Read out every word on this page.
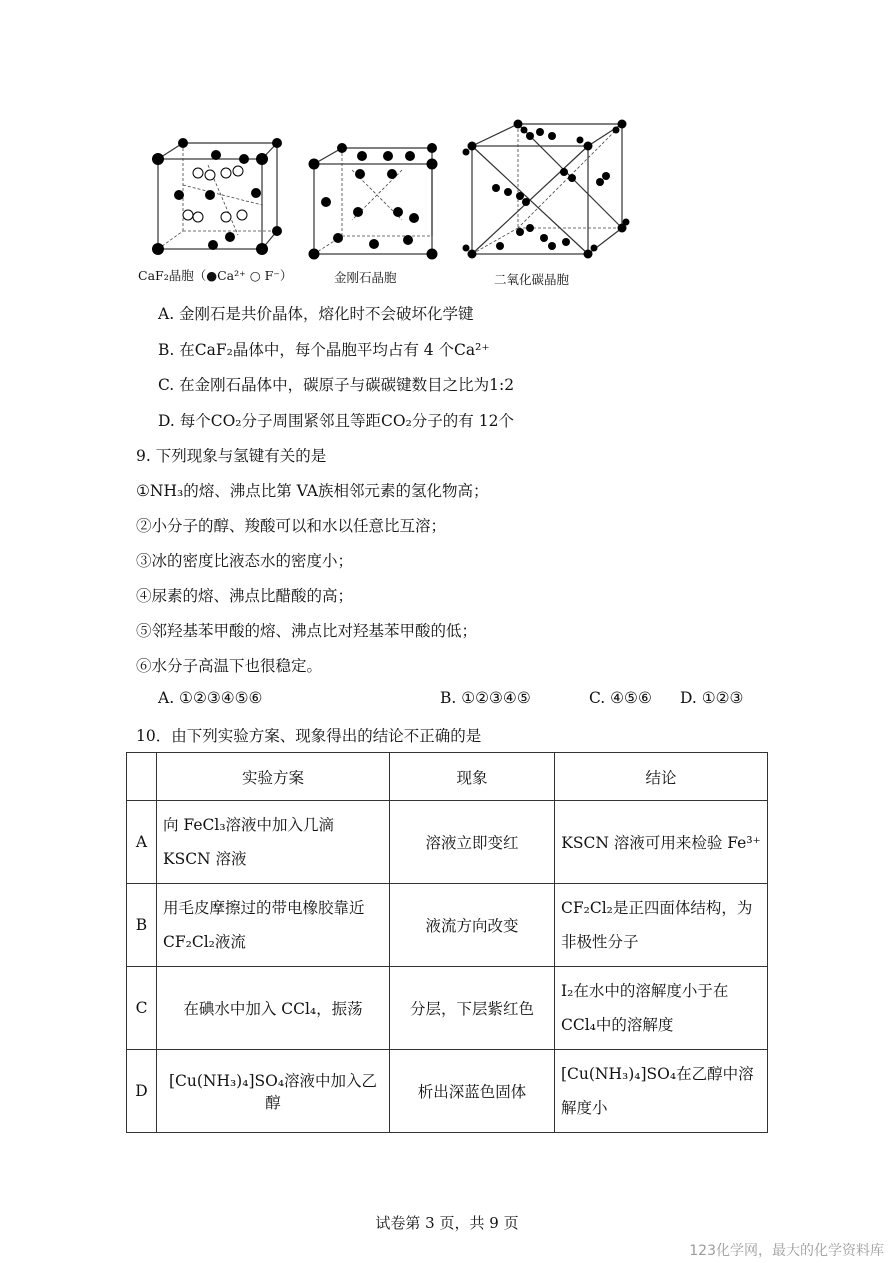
CaF₂晶胞（●Ca²⁺ ○ F⁻）	金刚石晶胞	二氧化碳晶胞
A. 金刚石是共价晶体，熔化时不会破坏化学键
B. 在CaF₂晶体中，每个晶胞平均占有 4 个Ca²⁺
C. 在金刚石晶体中，碳原子与碳碳键数目之比为1:2
D. 每个CO₂分子周围紧邻且等距CO₂分子的有 12个
9. 下列现象与氢键有关的是
①NH₃的熔、沸点比第 VA族相邻元素的氢化物高；
②小分子的醇、羧酸可以和水以任意比互溶；
③冰的密度比液态水的密度小；
④尿素的熔、沸点比醋酸的高；
⑤邻羟基苯甲酸的熔、沸点比对羟基苯甲酸的低；
⑥水分子高温下也很稳定。
A. ①②③④⑤⑥	B. ①②③④⑤	C. ④⑤⑥ D. ①②③
10．由下列实验方案、现象得出的结论不正确的是
	实验方案	现象	结论
A	向 FeCl₃溶液中加入几滴 KSCN 溶液	溶液立即变红	KSCN 溶液可用来检验 Fe³⁺
B	用毛皮摩擦过的带电橡胶靠近 CF₂Cl₂液流	液流方向改变	CF₂Cl₂是正四面体结构，为非极性分子
C	在碘水中加入 CCl₄，振荡	分层，下层紫红色	I₂在水中的溶解度小于在 CCl₄中的溶解度
D	[Cu(NH₃)₄]SO₄溶液中加入乙醇	析出深蓝色固体	[Cu(NH₃)₄]SO₄在乙醇中溶解度小
试卷第 3 页，共 9 页
123化学网，最大的化学资料库
